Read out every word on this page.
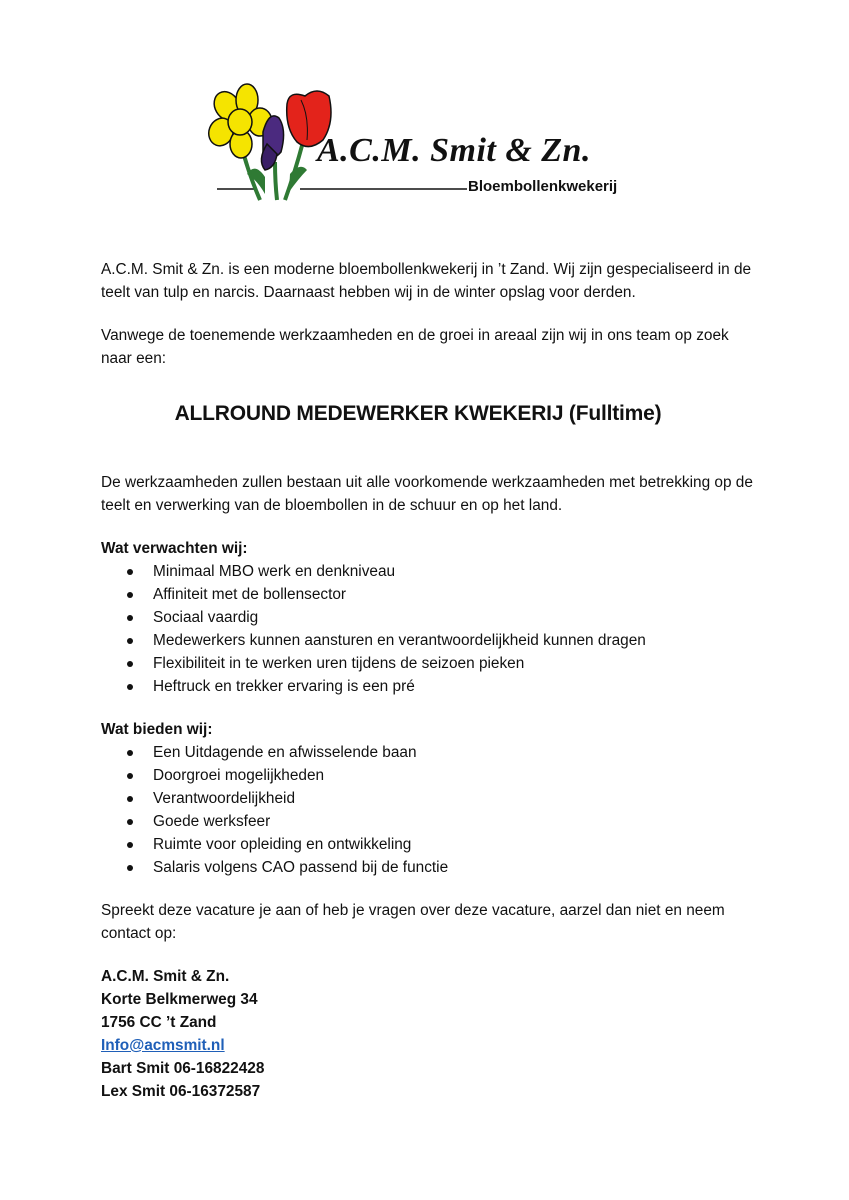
A.C.M. Smit & Zn.
Bloembollenkwekerij

A.C.M. Smit & Zn. is een moderne bloembollenkwekerij in ’t Zand. Wij zijn gespecialiseerd in de teelt van tulp en narcis. Daarnaast hebben wij in de winter opslag voor derden.

Vanwege de toenemende werkzaamheden en de groei in areaal zijn wij in ons team op zoek naar een:

ALLROUND MEDEWERKER KWEKERIJ (Fulltime)

De werkzaamheden zullen bestaan uit alle voorkomende werkzaamheden met betrekking op de teelt en verwerking van de bloembollen in de schuur en op het land.

Wat verwachten wij:

Minimaal MBO werk en denkniveau
Affiniteit met de bollensector
Sociaal vaardig
Medewerkers kunnen aansturen en verantwoordelijkheid kunnen dragen
Flexibiliteit in te werken uren tijdens de seizoen pieken
Heftruck en trekker ervaring is een pré

Wat bieden wij:

Een Uitdagende en afwisselende baan
Doorgroei mogelijkheden
Verantwoordelijkheid
Goede werksfeer
Ruimte voor opleiding en ontwikkeling
Salaris volgens CAO passend bij de functie

Spreekt deze vacature je aan of heb je vragen over deze vacature, aarzel dan niet en neem contact op:

A.C.M. Smit & Zn.

Korte Belkmerweg 34

1756 CC ’t Zand

Info@acmsmit.nl

Bart Smit 06-16822428

Lex Smit 06-16372587
